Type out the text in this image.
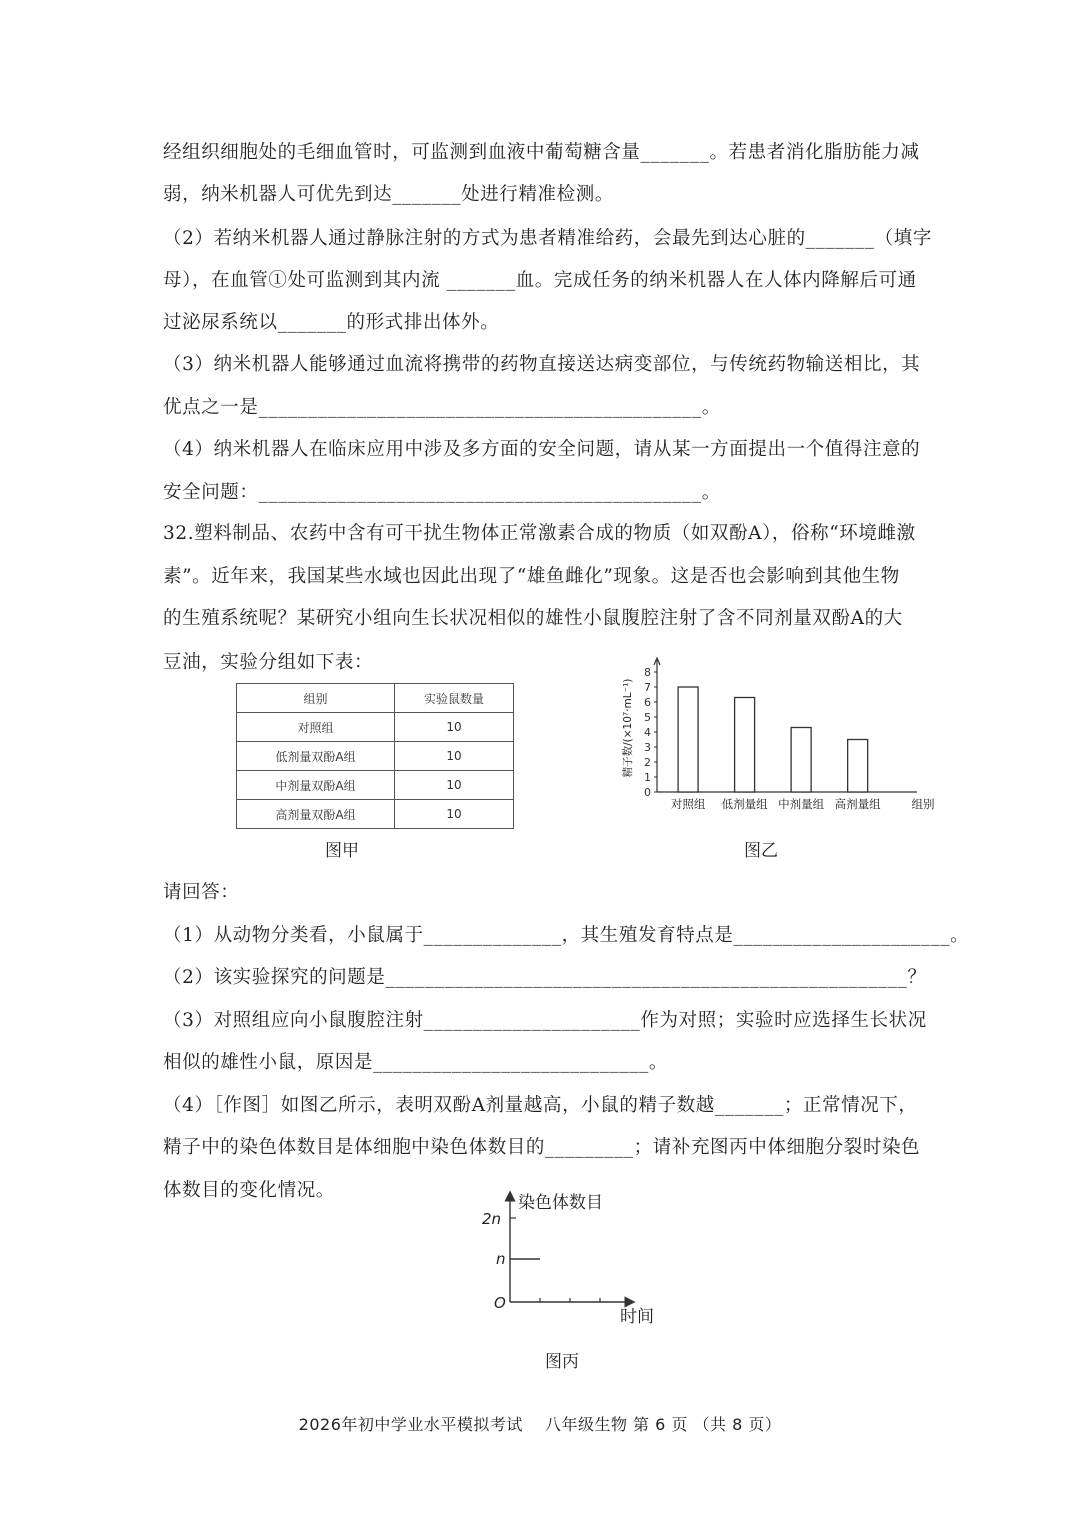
经组织细胞处的毛细血管时，可监测到血液中葡萄糖含量_______。若患者消化脂肪能力减
弱，纳米机器人可优先到达_______处进行精准检测。
（2）若纳米机器人通过静脉注射的方式为患者精准给药，会最先到达心脏的_______（填字
母），在血管①处可监测到其内流 _______血。完成任务的纳米机器人在人体内降解后可通
过泌尿系统以_______的形式排出体外。
（3）纳米机器人能够通过血流将携带的药物直接送达病变部位，与传统药物输送相比，其
优点之一是_____________________________________________。
（4）纳米机器人在临床应用中涉及多方面的安全问题，请从某一方面提出一个值得注意的
安全问题：_____________________________________________。
32.塑料制品、农药中含有可干扰生物体正常激素合成的物质（如双酚A），俗称“环境雌激
素”。近年来，我国某些水域也因此出现了“雄鱼雌化”现象。这是否也会影响到其他生物
的生殖系统呢？某研究小组向生长状况相似的雄性小鼠腹腔注射了含不同剂量双酚A的大
豆油，实验分组如下表：
组别	实验鼠数量
对照组	10
低剂量双酚A组	10
中剂量双酚A组	10
高剂量双酚A组	10
图甲
0
1
2
3
4
5
6
7
8
对照组 低剂量组 中剂量组 高剂量组	组别
精子数/(×10⁷·mL⁻¹)
图乙
请回答：
（1）从动物分类看，小鼠属于______________，其生殖发育特点是______________________。
（2）该实验探究的问题是_____________________________________________________？
（3）对照组应向小鼠腹腔注射______________________作为对照；实验时应选择生长状况
相似的雄性小鼠，原因是____________________________。
（4）［作图］如图乙所示，表明双酚A剂量越高，小鼠的精子数越_______；正常情况下，
精子中的染色体数目是体细胞中染色体数目的_________；请补充图丙中体细胞分裂时染色
体数目的变化情况。
染色体数目
时间
2n
n
O
图丙
2026年初中学业水平模拟考试　 八年级生物 第 6 页 （共 8 页）
